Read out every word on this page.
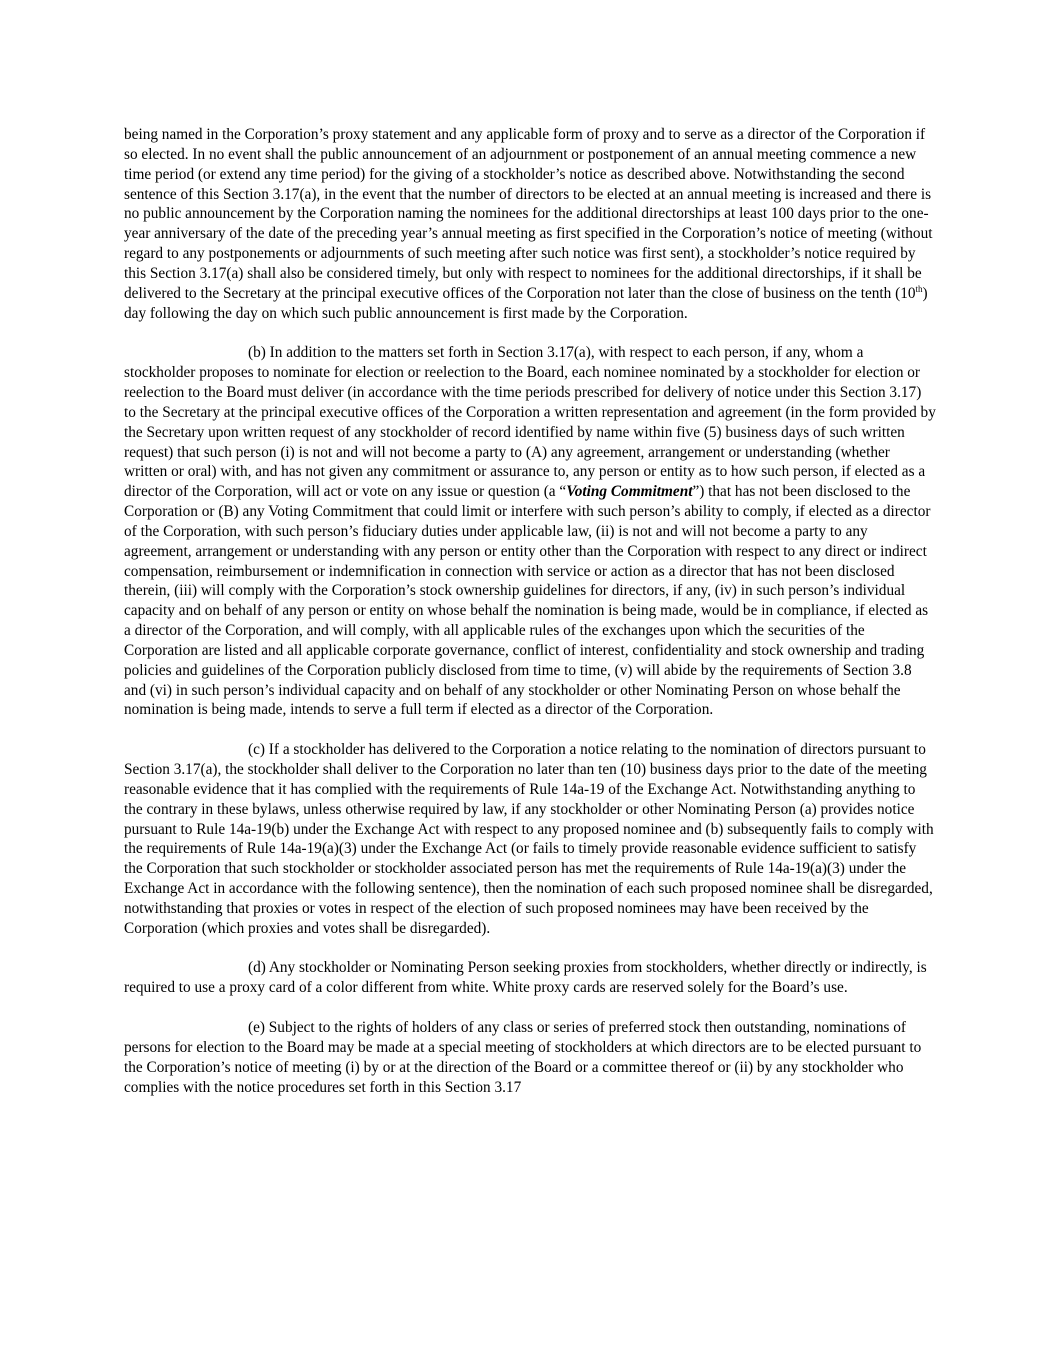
being named in the Corporation’s proxy statement and any applicable form of proxy and to serve as a director of the Corporation if so elected. In no event shall the public announcement of an adjournment or postponement of an annual meeting commence a new time period (or extend any time period) for the giving of a stockholder’s notice as described above. Notwithstanding the second sentence of this Section 3.17(a), in the event that the number of directors to be elected at an annual meeting is increased and there is no public announcement by the Corporation naming the nominees for the additional directorships at least 100 days prior to the one-year anniversary of the date of the preceding year’s annual meeting as first specified in the Corporation’s notice of meeting (without regard to any postponements or adjournments of such meeting after such notice was first sent), a stockholder’s notice required by this Section 3.17(a) shall also be considered timely, but only with respect to nominees for the additional directorships, if it shall be delivered to the Secretary at the principal executive offices of the Corporation not later than the close of business on the tenth (10th) day following the day on which such public announcement is first made by the Corporation.

(b) In addition to the matters set forth in Section 3.17(a), with respect to each person, if any, whom a stockholder proposes to nominate for election or reelection to the Board, each nominee nominated by a stockholder for election or reelection to the Board must deliver (in accordance with the time periods prescribed for delivery of notice under this Section 3.17) to the Secretary at the principal executive offices of the Corporation a written representation and agreement (in the form provided by the Secretary upon written request of any stockholder of record identified by name within five (5) business days of such written request) that such person (i) is not and will not become a party to (A) any agreement, arrangement or understanding (whether written or oral) with, and has not given any commitment or assurance to, any person or entity as to how such person, if elected as a director of the Corporation, will act or vote on any issue or question (a “Voting Commitment”) that has not been disclosed to the Corporation or (B) any Voting Commitment that could limit or interfere with such person’s ability to comply, if elected as a director of the Corporation, with such person’s fiduciary duties under applicable law, (ii) is not and will not become a party to any agreement, arrangement or understanding with any person or entity other than the Corporation with respect to any direct or indirect compensation, reimbursement or indemnification in connection with service or action as a director that has not been disclosed therein, (iii) will comply with the Corporation’s stock ownership guidelines for directors, if any, (iv) in such person’s individual capacity and on behalf of any person or entity on whose behalf the nomination is being made, would be in compliance, if elected as a director of the Corporation, and will comply, with all applicable rules of the exchanges upon which the securities of the Corporation are listed and all applicable corporate governance, conflict of interest, confidentiality and stock ownership and trading policies and guidelines of the Corporation publicly disclosed from time to time, (v) will abide by the requirements of Section 3.8 and (vi) in such person’s individual capacity and on behalf of any stockholder or other Nominating Person on whose behalf the nomination is being made, intends to serve a full term if elected as a director of the Corporation.

(c) If a stockholder has delivered to the Corporation a notice relating to the nomination of directors pursuant to Section 3.17(a), the stockholder shall deliver to the Corporation no later than ten (10) business days prior to the date of the meeting reasonable evidence that it has complied with the requirements of Rule 14a-19 of the Exchange Act. Notwithstanding anything to the contrary in these bylaws, unless otherwise required by law, if any stockholder or other Nominating Person (a) provides notice pursuant to Rule 14a-19(b) under the Exchange Act with respect to any proposed nominee and (b) subsequently fails to comply with the requirements of Rule 14a-19(a)(3) under the Exchange Act (or fails to timely provide reasonable evidence sufficient to satisfy the Corporation that such stockholder or stockholder associated person has met the requirements of Rule 14a-19(a)(3) under the Exchange Act in accordance with the following sentence), then the nomination of each such proposed nominee shall be disregarded, notwithstanding that proxies or votes in respect of the election of such proposed nominees may have been received by the Corporation (which proxies and votes shall be disregarded).

(d) Any stockholder or Nominating Person seeking proxies from stockholders, whether directly or indirectly, is required to use a proxy card of a color different from white. White proxy cards are reserved solely for the Board’s use.

(e) Subject to the rights of holders of any class or series of preferred stock then outstanding, nominations of persons for election to the Board may be made at a special meeting of stockholders at which directors are to be elected pursuant to the Corporation’s notice of meeting (i) by or at the direction of the Board or a committee thereof or (ii) by any stockholder who complies with the notice procedures set forth in this Section 3.17
